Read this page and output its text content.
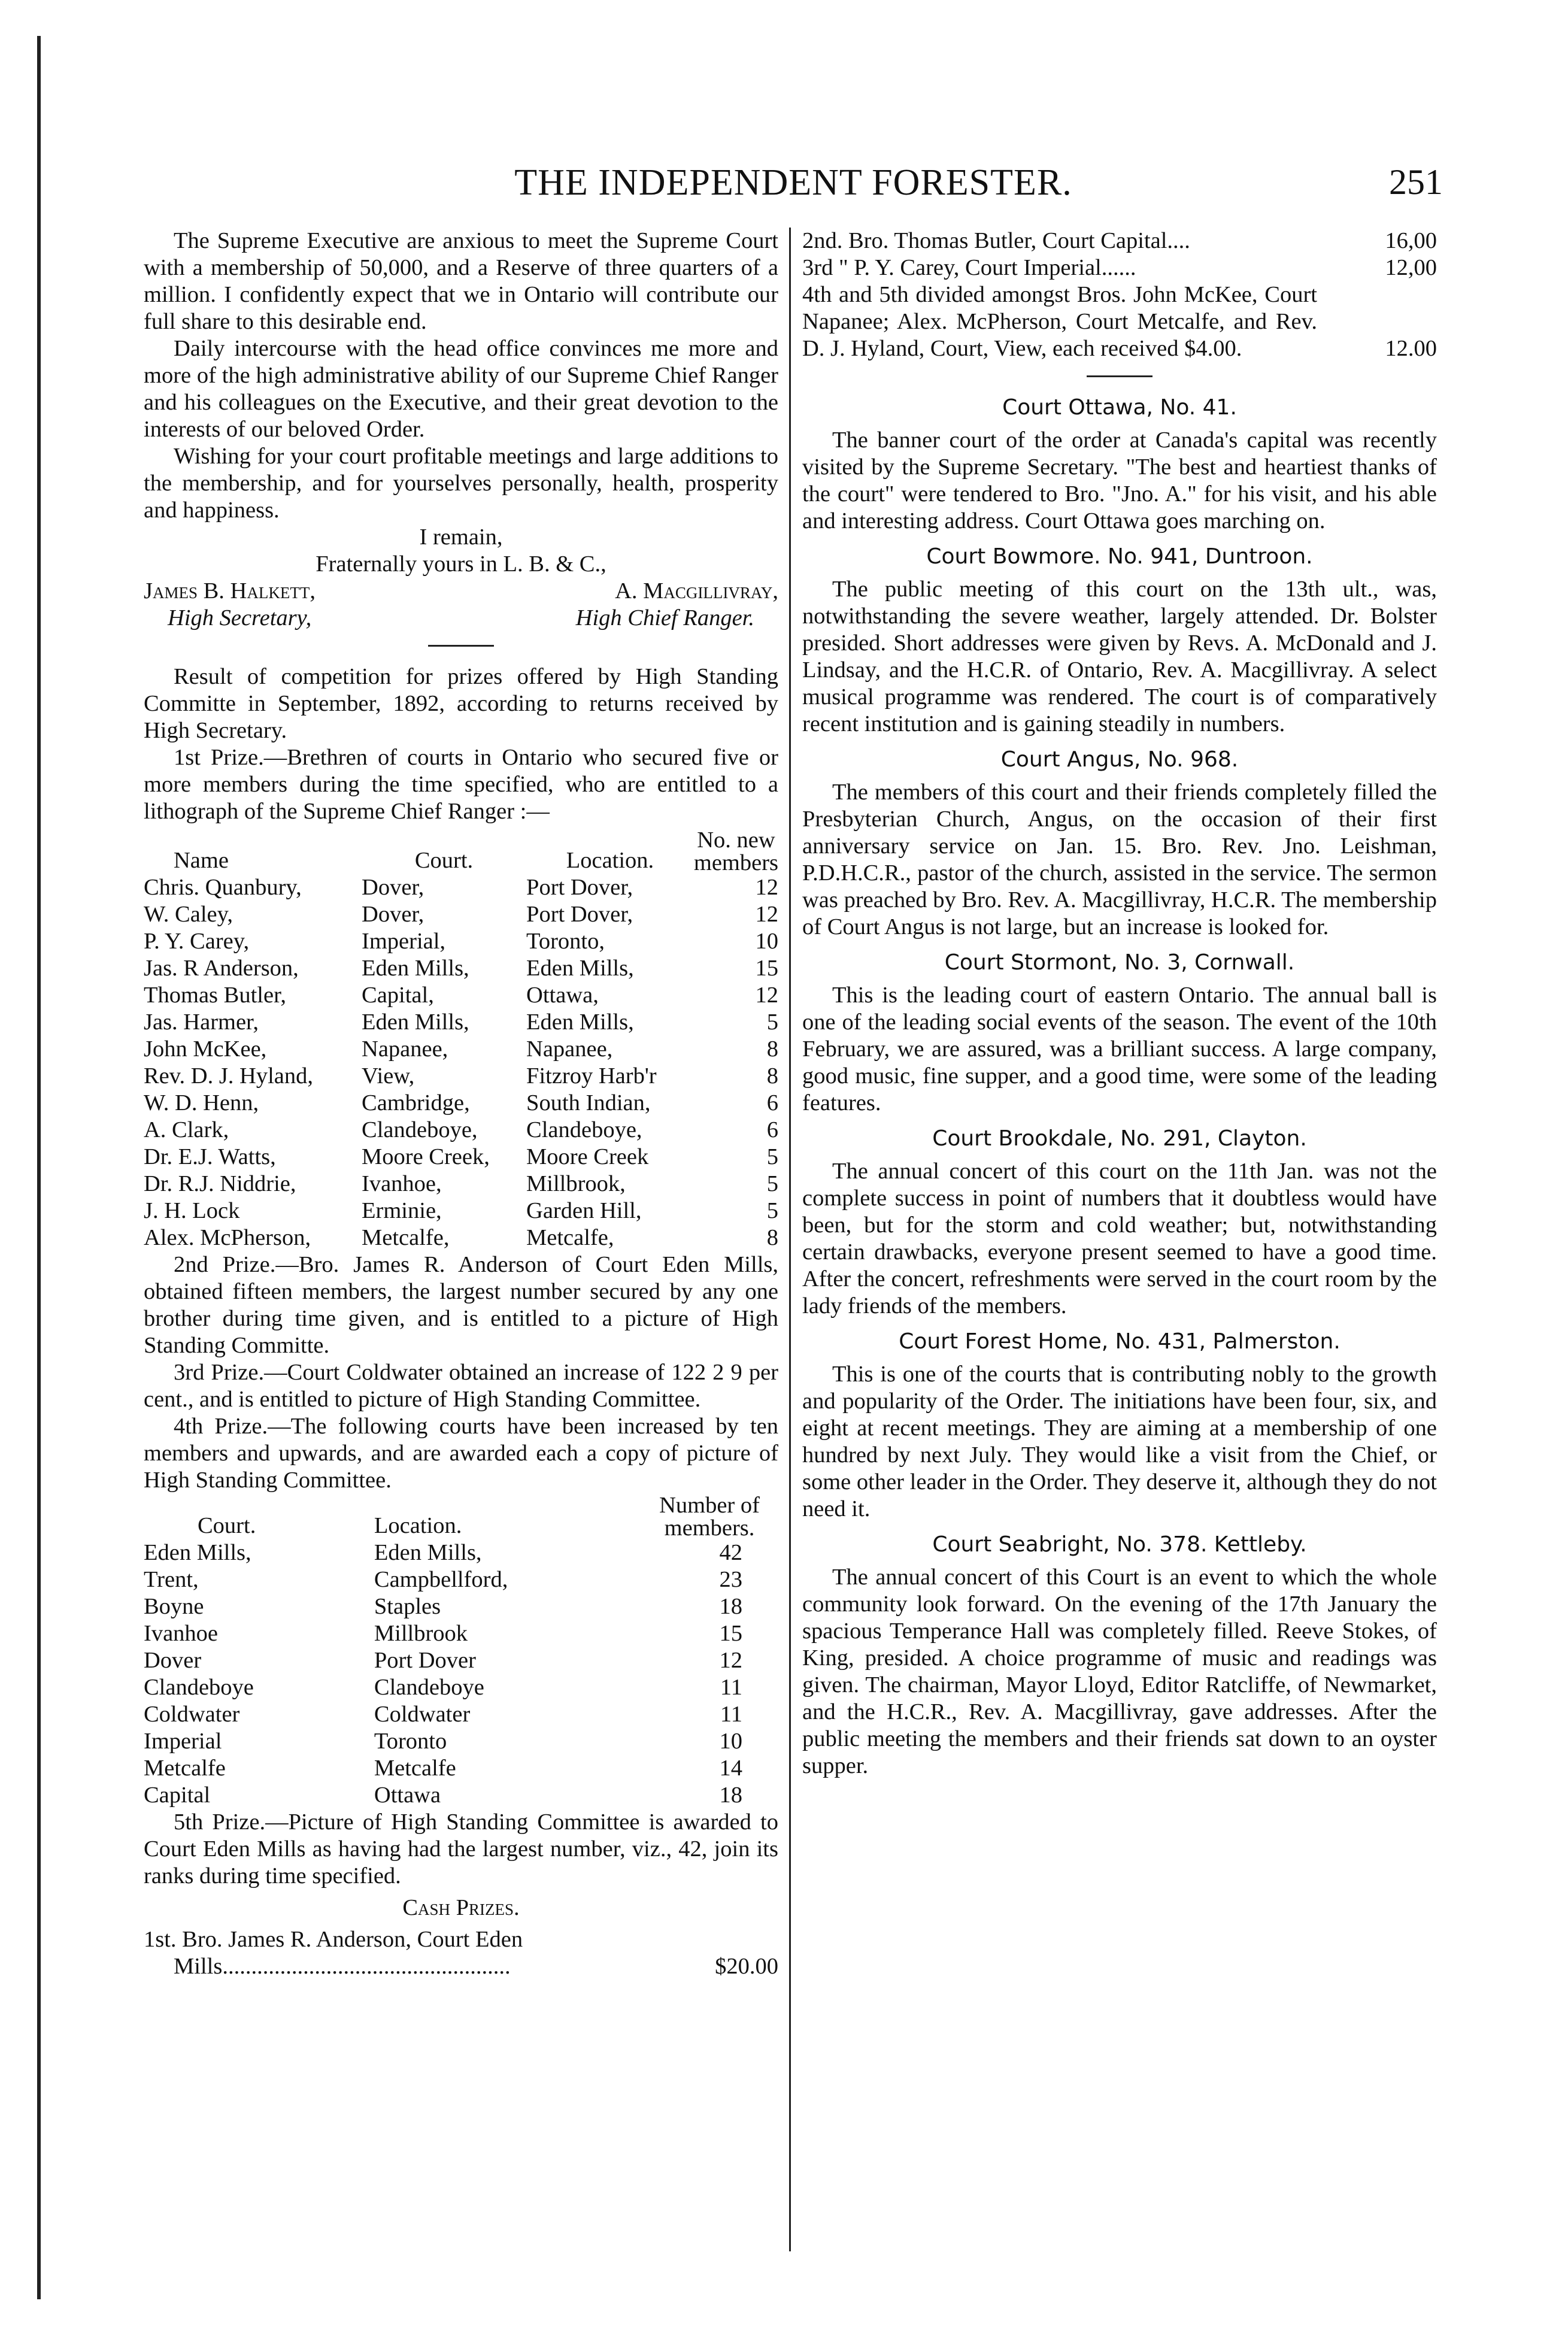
THE INDEPENDENT FORESTER.	251

The Supreme Executive are anxious to meet the Supreme Court with a membership of 50,000, and a Reserve of three quarters of a million. I confidently expect that we in Ontario will contribute our full share to this desirable end.

Daily intercourse with the head office convinces me more and more of the high administrative ability of our Supreme Chief Ranger and his colleagues on the Executive, and their great devotion to the interests of our beloved Order.

Wishing for your court profitable meetings and large additions to the membership, and for yourselves personally, health, prosperity and happiness.

I remain,

Fraternally yours in L. B. & C.,

James B. Halkett,	A. Macgillivray,
High Secretary,	High Chief Ranger.

Result of competition for prizes offered by High Standing Committe in September, 1892, according to returns received by High Secretary.

1st Prize.—Brethren of courts in Ontario who secured five or more members during the time specified, who are entitled to a lithograph of the Supreme Chief Ranger :—

Name	Court.	Location.	No. new members
Chris. Quanbury,	Dover,	Port Dover,	12
W. Caley,	Dover,	Port Dover,	12
P. Y. Carey,	Imperial,	Toronto,	10
Jas. R Anderson,	Eden Mills,	Eden Mills,	15
Thomas Butler,	Capital,	Ottawa,	12
Jas. Harmer,	Eden Mills,	Eden Mills,	5
John McKee,	Napanee,	Napanee,	8
Rev. D. J. Hyland,	View,	Fitzroy Harb'r	8
W. D. Henn,	Cambridge,	South Indian,	6
A. Clark,	Clandeboye,	Clandeboye,	6
Dr. E.J. Watts,	Moore Creek,	Moore Creek	5
Dr. R.J. Niddrie,	Ivanhoe,	Millbrook,	5
J. H. Lock	Erminie,	Garden Hill,	5
Alex. McPherson,	Metcalfe,	Metcalfe,	8

2nd Prize.—Bro. James R. Anderson of Court Eden Mills, obtained fifteen members, the largest number secured by any one brother during time given, and is entitled to a picture of High Standing Committe.

3rd Prize.—Court Coldwater obtained an increase of 122 2 9 per cent., and is entitled to picture of High Standing Committee.

4th Prize.—The following courts have been increased by ten members and upwards, and are awarded each a copy of picture of High Standing Committee.

Court.	Location.	Number of members.
Eden Mills,	Eden Mills,	42
Trent,	Campbellford,	23
Boyne	Staples	18
Ivanhoe	Millbrook	15
Dover	Port Dover	12
Clandeboye	Clandeboye	11
Coldwater	Coldwater	11
Imperial	Toronto	10
Metcalfe	Metcalfe	14
Capital	Ottawa	18

5th Prize.—Picture of High Standing Committee is awarded to Court Eden Mills as having had the largest number, viz., 42, join its ranks during time specified.

Cash Prizes.

1st. Bro. James R. Anderson, Court Eden

Mills ..................................................	$20.00
2nd. Bro. Thomas Butler, Court Capital....	16,00
3rd " P. Y. Carey, Court Imperial......	12,00

4th and 5th divided amongst Bros. John McKee, Court Napanee; Alex. McPherson, Court Metcalfe, and Rev. D. J. Hyland, Court, View, each received $4.00.	12.00

Court Ottawa, No. 41.

The banner court of the order at Canada's capital was recently visited by the Supreme Secretary. "The best and heartiest thanks of the court" were tendered to Bro. "Jno. A." for his visit, and his able and interesting address. Court Ottawa goes marching on.

Court Bowmore. No. 941, Duntroon.

The public meeting of this court on the 13th ult., was, notwithstanding the severe weather, largely attended. Dr. Bolster presided. Short addresses were given by Revs. A. McDonald and J. Lindsay, and the H.C.R. of Ontario, Rev. A. Macgillivray. A select musical programme was rendered. The court is of comparatively recent institution and is gaining steadily in numbers.

Court Angus, No. 968.

The members of this court and their friends completely filled the Presbyterian Church, Angus, on the occasion of their first anniversary service on Jan. 15. Bro. Rev. Jno. Leishman, P.D.H.C.R., pastor of the church, assisted in the service. The sermon was preached by Bro. Rev. A. Macgillivray, H.C.R. The membership of Court Angus is not large, but an increase is looked for.

Court Stormont, No. 3, Cornwall.

This is the leading court of eastern Ontario. The annual ball is one of the leading social events of the season. The event of the 10th February, we are assured, was a brilliant success. A large company, good music, fine supper, and a good time, were some of the leading features.

Court Brookdale, No. 291, Clayton.

The annual concert of this court on the 11th Jan. was not the complete success in point of numbers that it doubtless would have been, but for the storm and cold weather; but, notwithstanding certain drawbacks, everyone present seemed to have a good time. After the concert, refreshments were served in the court room by the lady friends of the members.

Court Forest Home, No. 431, Palmerston.

This is one of the courts that is contributing nobly to the growth and popularity of the Order. The initiations have been four, six, and eight at recent meetings. They are aiming at a membership of one hundred by next July. They would like a visit from the Chief, or some other leader in the Order. They deserve it, although they do not need it.

Court Seabright, No. 378. Kettleby.

The annual concert of this Court is an event to which the whole community look forward. On the evening of the 17th January the spacious Temperance Hall was completely filled. Reeve Stokes, of King, presided. A choice programme of music and readings was given. The chairman, Mayor Lloyd, Editor Ratcliffe, of Newmarket, and the H.C.R., Rev. A. Macgillivray, gave addresses. After the public meeting the members and their friends sat down to an oyster supper.
